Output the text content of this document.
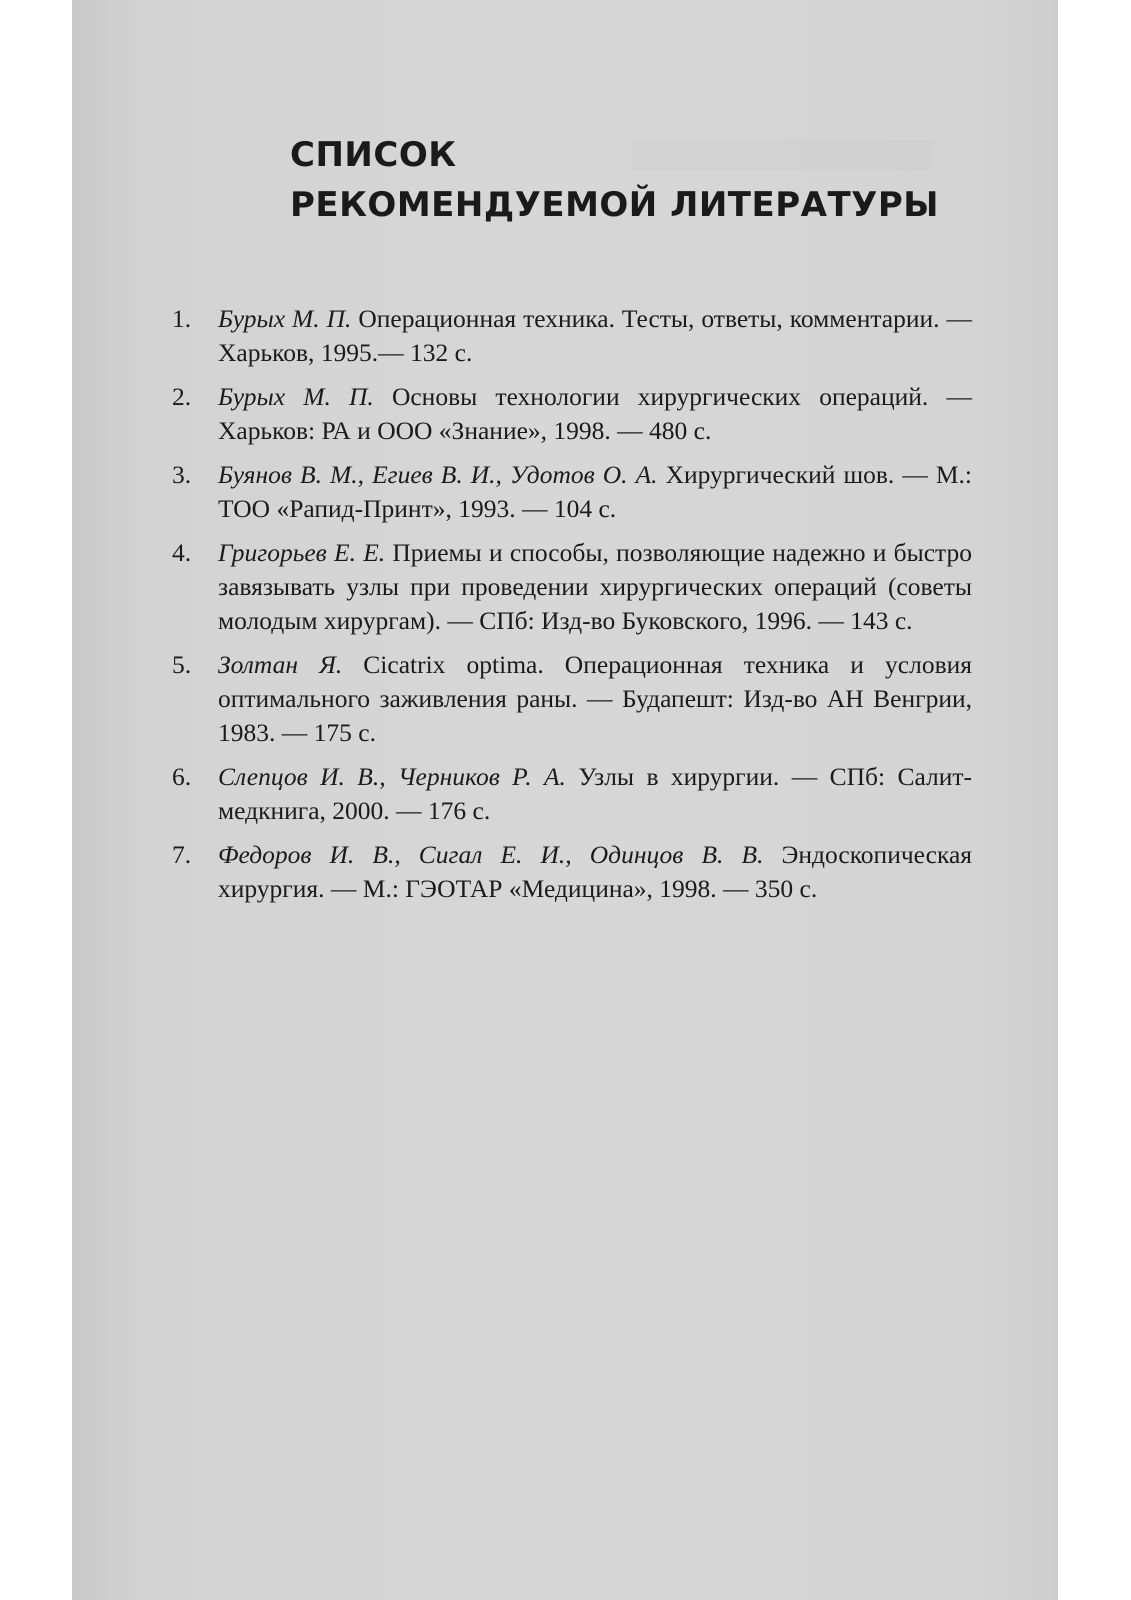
СПИСОК
РЕКОМЕНДУЕМОЙ ЛИТЕРАТУРЫ
1. Бурых М. П. Операционная техника. Тесты, ответы, комментарии. — Харьков, 1995.— 132 с.
2. Бурых М. П. Основы технологии хирургических операций. — Харьков: РА и ООО «Знание», 1998. — 480 с.
3. Буянов В. М., Егиев В. И., Удотов О. А. Хирургический шов. — М.: ТОО «Рапид-Принт», 1993. — 104 с.
4. Григорьев Е. Е. Приемы и способы, позволяющие надежно и быстро завязывать узлы при проведении хирургических операций (советы молодым хирургам). — СПб: Изд-во Буковского, 1996. — 143 с.
5. Золтан Я. Cicatrix optima. Операционная техника и условия оптимального заживления раны. — Будапешт: Изд-во АН Венгрии, 1983. — 175 с.
6. Слепцов И. В., Черников Р. А. Узлы в хирургии. — СПб: Салит-медкнига, 2000. — 176 с.
7. Федоров И. В., Сигал Е. И., Одинцов В. В. Эндоскопическая хирургия. — М.: ГЭОТАР «Медицина», 1998. — 350 с.
